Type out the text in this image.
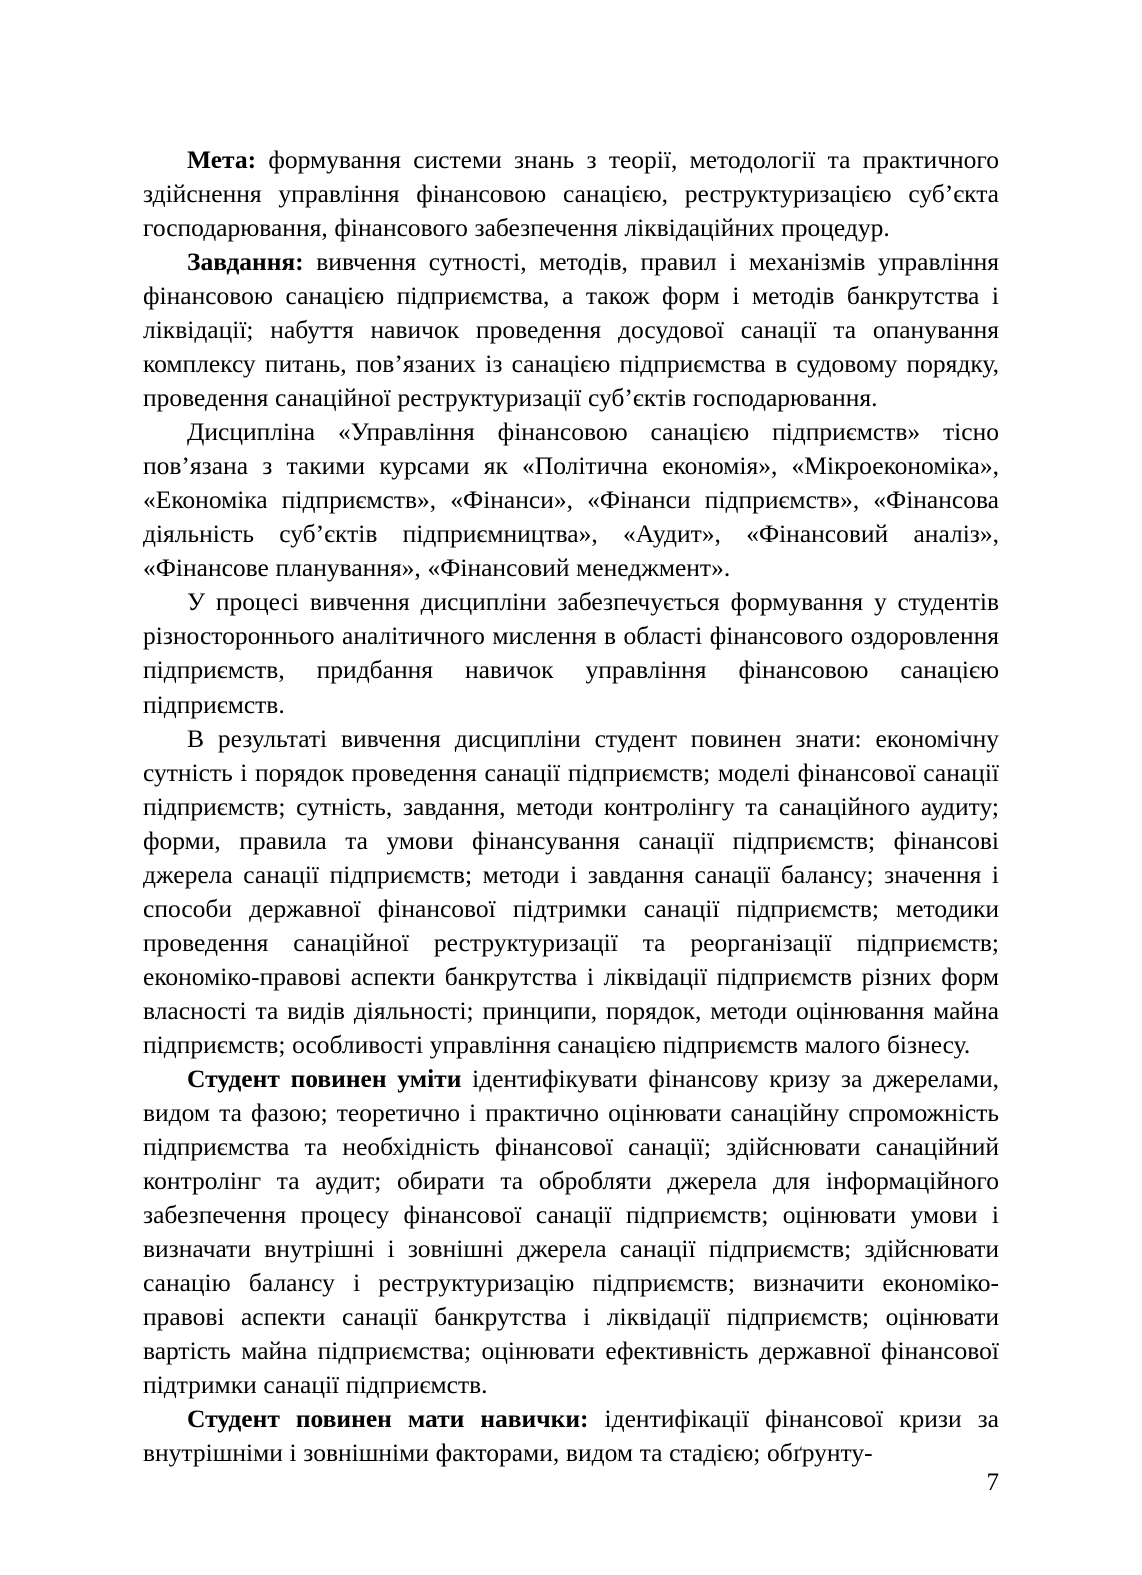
Мета: формування системи знань з теорії, методології та практичного здійснення управління фінансовою санацією, реструктуризацією суб’єкта господарювання, фінансового забезпечення ліквідаційних процедур.

Завдання: вивчення сутності, методів, правил і механізмів управління фінансовою санацією підприємства, а також форм і методів банкрутства і ліквідації; набуття навичок проведення досудової санації та опанування комплексу питань, пов’язаних із санацією підприємства в судовому порядку, проведення санаційної реструктуризації суб’єктів господарювання.

Дисципліна «Управління фінансовою санацією підприємств» тісно пов’язана з такими курсами як «Політична економія», «Мікроекономіка», «Економіка підприємств», «Фінанси», «Фінанси підприємств», «Фінансова діяльність суб’єктів підприємництва», «Аудит», «Фінансовий аналіз», «Фінансове планування», «Фінансовий менеджмент».

У процесі вивчення дисципліни забезпечується формування у студентів різностороннього аналітичного мислення в області фінансового оздоровлення підприємств, придбання навичок управління фінансовою санацією підприємств.

В результаті вивчення дисципліни студент повинен знати: економічну сутність і порядок проведення санації підприємств; моделі фінансової санації підприємств; сутність, завдання, методи контролінгу та санаційного аудиту; форми, правила та умови фінансування санації підприємств; фінансові джерела санації підприємств; методи і завдання санації балансу; значення і способи державної фінансової підтримки санації підприємств; методики проведення санаційної реструктуризації та реорганізації підприємств; економіко-правові аспекти банкрутства і ліквідації підприємств різних форм власності та видів діяльності; принципи, порядок, методи оцінювання майна підприємств; особливості управління санацією підприємств малого бізнесу.

Студент повинен уміти ідентифікувати фінансову кризу за джерелами, видом та фазою; теоретично і практично оцінювати санаційну спроможність підприємства та необхідність фінансової санації; здійснювати санаційний контролінг та аудит; обирати та обробляти джерела для інформаційного забезпечення процесу фінансової санації підприємств; оцінювати умови і визначати внутрішні і зовнішні джерела санації підприємств; здійснювати санацію балансу і реструктуризацію підприємств; визначити економіко-правові аспекти санації банкрутства і ліквідації підприємств; оцінювати вартість майна підприємства; оцінювати ефективність державної фінансової підтримки санації підприємств.

Студент повинен мати навички: ідентифікації фінансової кризи за внутрішніми і зовнішніми факторами, видом та стадією; обґрунту-

7
